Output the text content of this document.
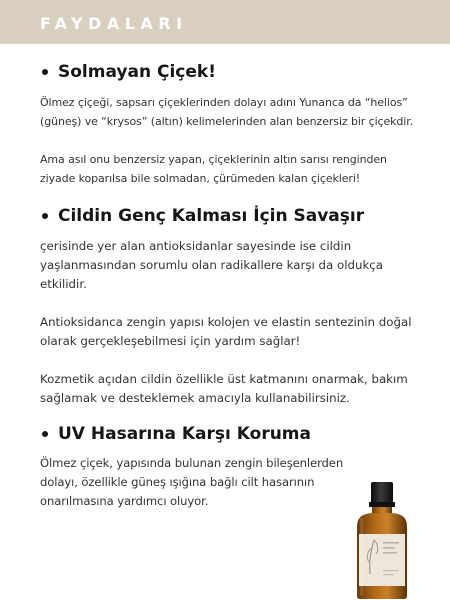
FAYDALARI
Solmayan Çiçek!

Ölmez çiçeği, sapsarı çiçeklerinden dolayı adını Yunanca da “helios” (güneş) ve “krysos” (altın) kelimelerinden alan benzersiz bir çiçekdir.

Ama asıl onu benzersiz yapan, çiçeklerinin altın sarısı renginden ziyade koparılsa bile solmadan, çürümeden kalan çiçekleri!

Cildin Genç Kalması İçin Savaşır

çerisinde yer alan antioksidanlar sayesinde ise cildin yaşlanmasından sorumlu olan radikallere karşı da oldukça etkilidir.

Antioksidanca zengin yapısı kolojen ve elastin sentezinin doğal olarak gerçekleşebilmesi için yardım sağlar!

Kozmetik açıdan cildin özellikle üst katmanını onarmak, bakım sağlamak ve desteklemek amacıyla kullanabilirsiniz.

UV Hasarına Karşı Koruma

Ölmez çiçek, yapısında bulunan zengin bileşenlerden dolayı, özellikle güneş ışığına bağlı cilt hasarının onarılmasına yardımcı oluyor.
